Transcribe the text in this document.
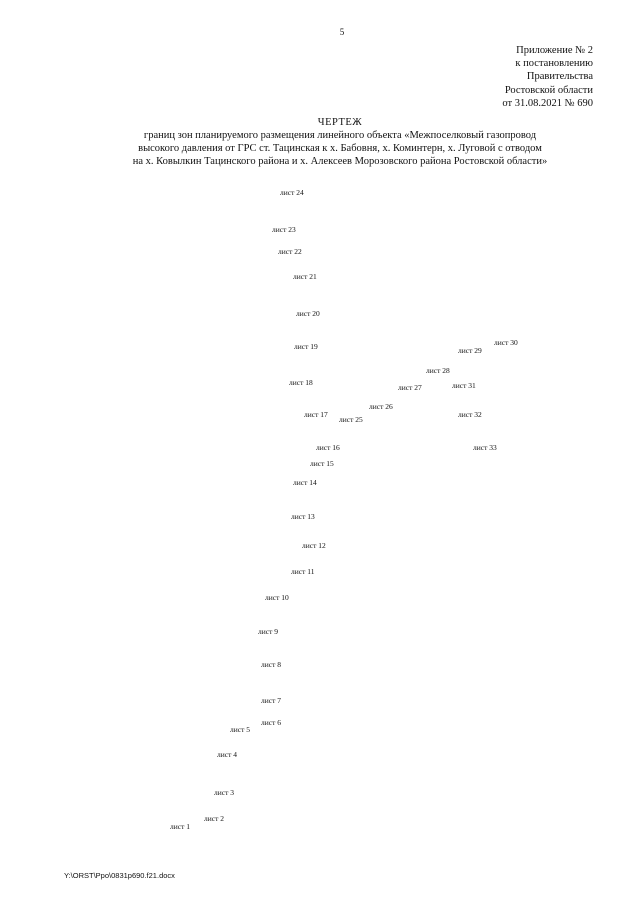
5
Приложение № 2
к постановлению
Правительства
Ростовской области
от 31.08.2021 № 690
ЧЕРТЕЖ
границ зон планируемого размещения линейного объекта «Межпоселковый газопровод
высокого давления от ГРС ст. Тацинская к х. Бабовня, х. Коминтерн, х. Луговой с отводом
на х. Ковылкин Тацинского района и х. Алексеев Морозовского района Ростовской области»
лист 1
лист 2
лист 3
лист 4
лист 5
лист 6
лист 7
лист 8
лист 9
лист 10
лист 11
лист 12
лист 13
лист 14
лист 15
лист 16
лист 17
лист 18
лист 19
лист 20
лист 21
лист 22
лист 23
лист 24
лист 25
лист 26
лист 27
лист 28
лист 29
лист 30
лист 31
лист 32
лист 33
Y:\ORST\Ppo\0831p690.f21.docx
